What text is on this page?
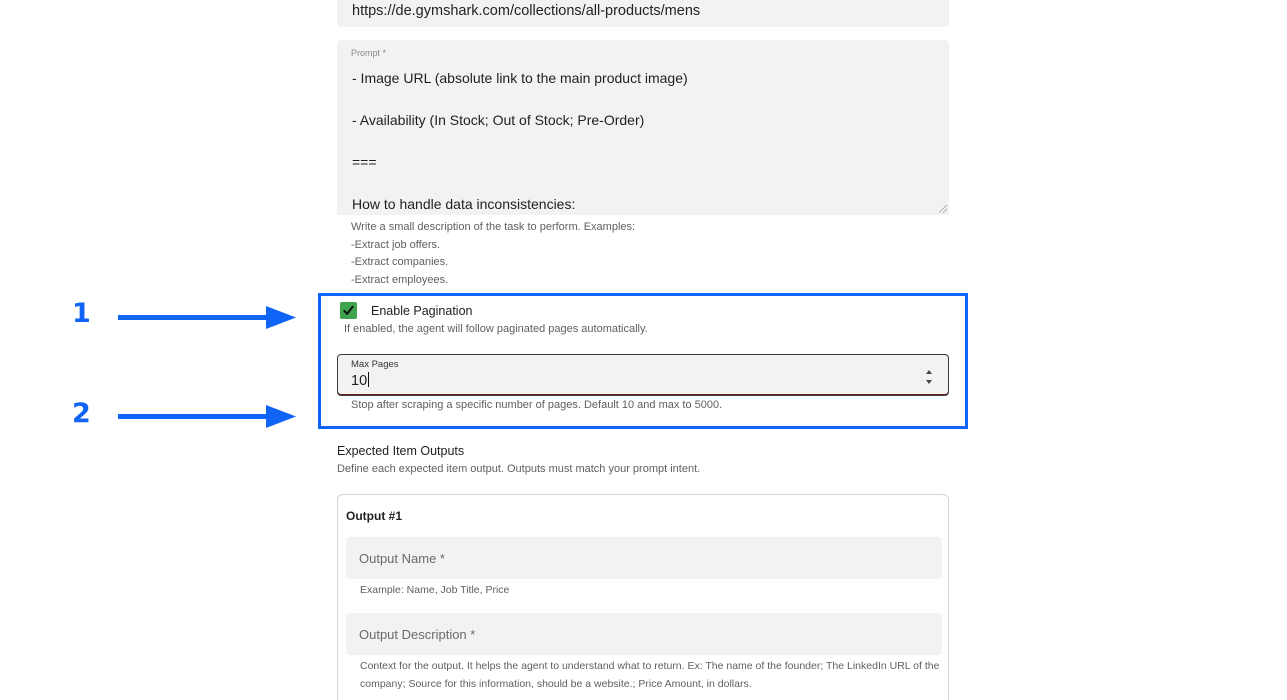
https://de.gymshark.com/collections/all-products/mens
Prompt *

- Image URL (absolute link to the main product image)

- Availability (In Stock; Out of Stock; Pre-Order)

===

How to handle data inconsistencies:

Write a small description of the task to perform. Examples:
-Extract job offers.
-Extract companies.
-Extract employees.
1
2
Enable Pagination
If enabled, the agent will follow paginated pages automatically.
Max Pages
10
Stop after scraping a specific number of pages. Default 10 and max to 5000.
Expected Item Outputs
Define each expected item output. Outputs must match your prompt intent.
Output #1
Output Name *
Example: Name, Job Title, Price
Output Description *
Context for the output. It helps the agent to understand what to return. Ex: The name of the founder; The LinkedIn URL of the company; Source for this information, should be a website.; Price Amount, in dollars.
